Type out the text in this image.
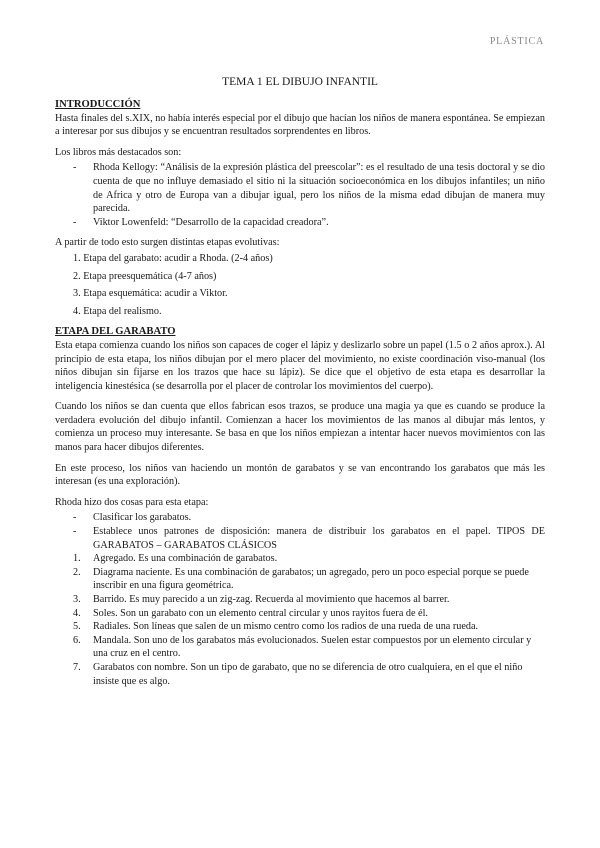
PLÁSTICA
TEMA 1 EL DIBUJO INFANTIL
INTRODUCCIÓN

Hasta finales del s.XIX, no había interés especial por el dibujo que hacían los niños de manera espontánea. Se empiezan a interesar por sus dibujos y se encuentran resultados sorprendentes en libros.

Los libros más destacados son:

- Rhoda Kellogy: “Análisis de la expresión plástica del preescolar”: es el resultado de una tesis doctoral y se dio cuenta de que no influye demasiado el sitio ni la situación socioeconómica en los dibujos infantiles; un niño de Africa y otro de Europa van a dibujar igual, pero los niños de la misma edad dibujan de manera muy parecida.
- Viktor Lowenfeld: “Desarrollo de la capacidad creadora”.

A partir de todo esto surgen distintas etapas evolutivas:

1. Etapa del garabato: acudir a Rhoda. (2-4 años)
2. Etapa preesquemática (4-7 años)
3. Etapa esquemática: acudir a Viktor.
4. Etapa del realismo.
ETAPA DEL GARABATO

Esta etapa comienza cuando los niños son capaces de coger el lápiz y deslizarlo sobre un papel (1.5 o 2 años aprox.). Al principio de esta etapa, los niños dibujan por el mero placer del movimiento, no existe coordinación viso-manual (los niños dibujan sin fijarse en los trazos que hace su lápiz). Se dice que el objetivo de esta etapa es desarrollar la inteligencia kinestésica (se desarrolla por el placer de controlar los movimientos del cuerpo).

Cuando los niños se dan cuenta que ellos fabrican esos trazos, se produce una magia ya que es cuando se produce la verdadera evolución del dibujo infantil. Comienzan a hacer los movimientos de las manos al dibujar más lentos, y comienza un proceso muy interesante. Se basa en que los niños empiezan a intentar hacer nuevos movimientos con las manos para hacer dibujos diferentes.

En este proceso, los niños van haciendo un montón de garabatos y se van encontrando los garabatos que más les interesan (es una exploración).

Rhoda hizo dos cosas para esta etapa:

- Clasificar los garabatos.
- Establece unos patrones de disposición: manera de distribuir los garabatos en el papel. TIPOS DE GARABATOS – GARABATOS CLÁSICOS
1. Agregado. Es una combinación de garabatos.
2. Diagrama naciente. Es una combinación de garabatos; un agregado, pero un poco especial porque se puede inscribir en una figura geométrica.
3. Barrido. Es muy parecido a un zig-zag. Recuerda al movimiento que hacemos al barrer.
4. Soles. Son un garabato con un elemento central circular y unos rayitos fuera de él.
5. Radiales. Son líneas que salen de un mismo centro como los radios de una rueda de una rueda.
6. Mandala. Son uno de los garabatos más evolucionados. Suelen estar compuestos por un elemento circular y una cruz en el centro.
7. Garabatos con nombre. Son un tipo de garabato, que no se diferencia de otro cualquiera, en el que el niño insiste que es algo.
